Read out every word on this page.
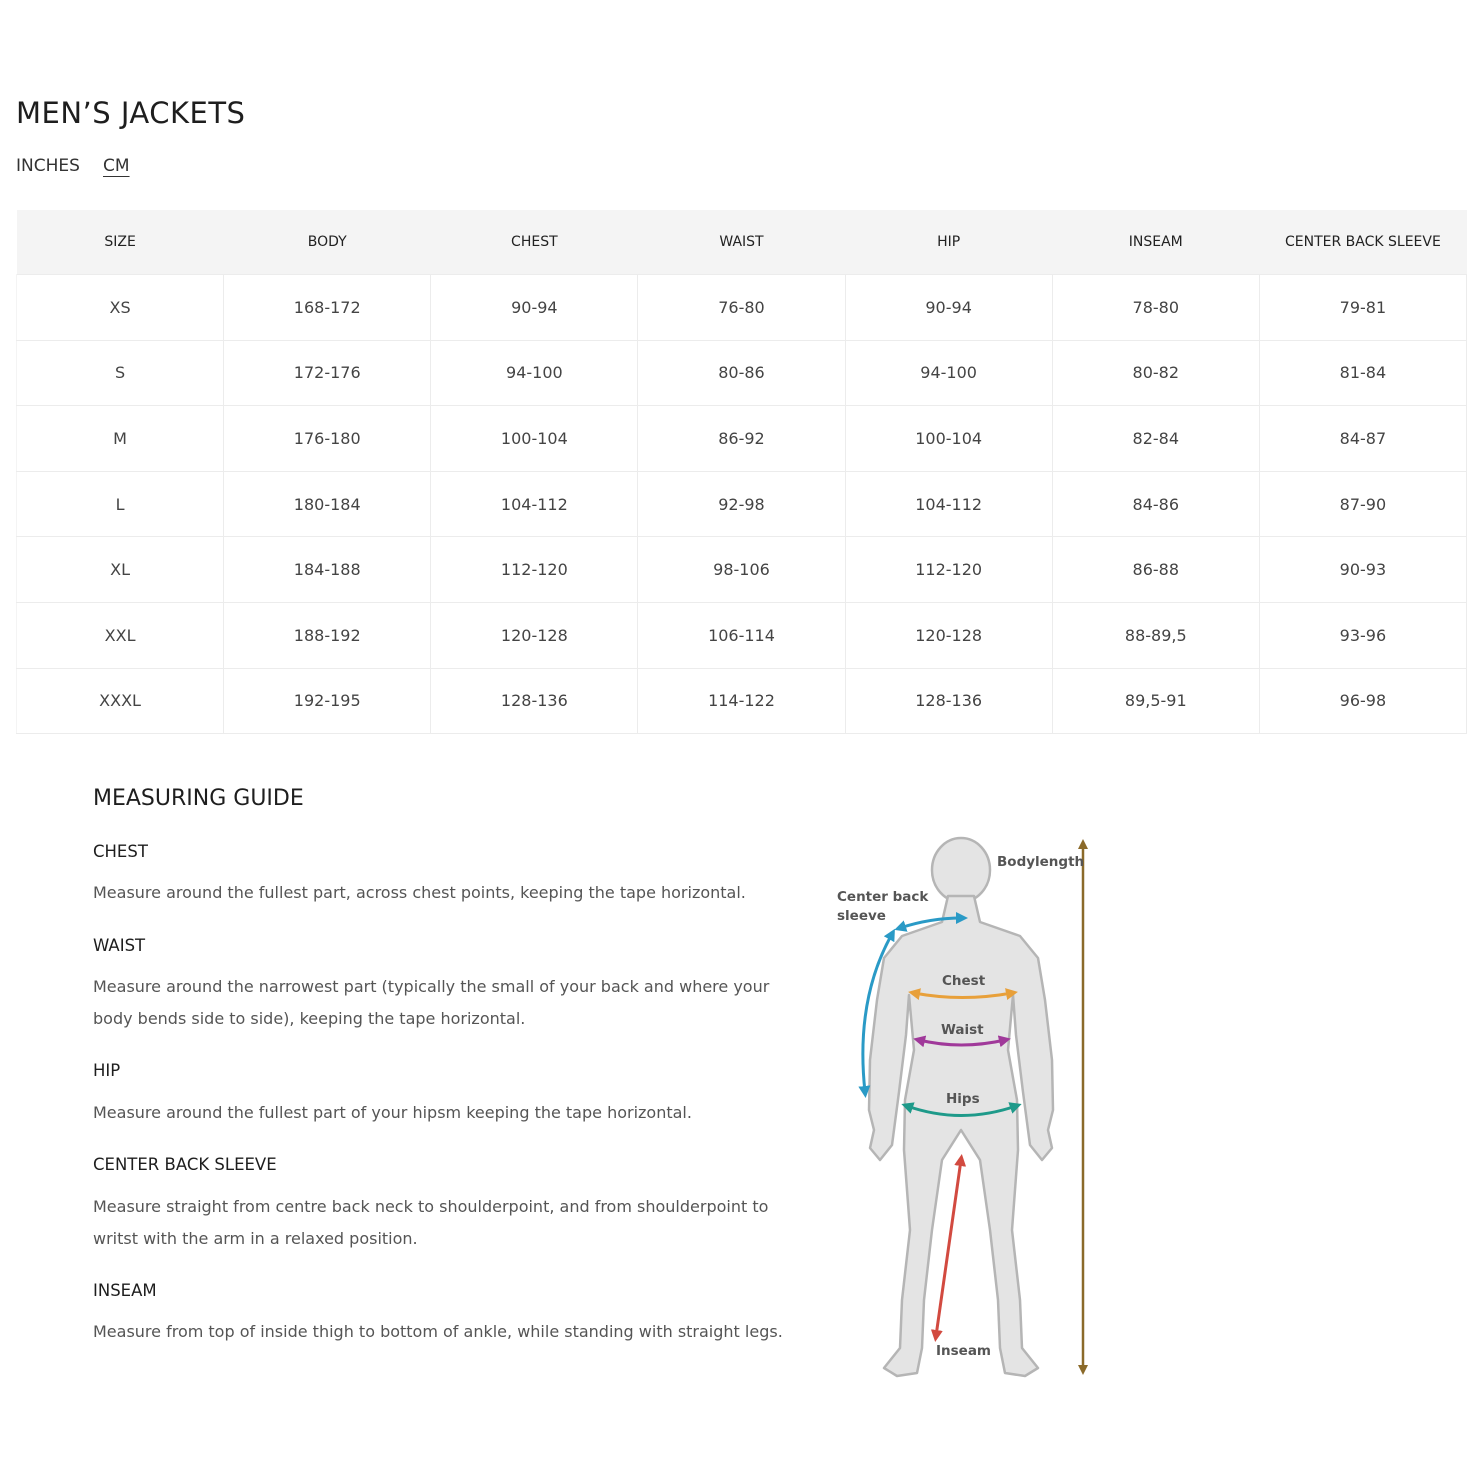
MEN’S JACKETS
INCHES CM
SIZE	BODY	CHEST	WAIST	HIP	INSEAM	CENTER BACK SLEEVE
XS	168-172	90-94	76-80	90-94	78-80	79-81
S	172-176	94-100	80-86	94-100	80-82	81-84
M	176-180	100-104	86-92	100-104	82-84	84-87
L	180-184	104-112	92-98	104-112	84-86	87-90
XL	184-188	112-120	98-106	112-120	86-88	90-93
XXL	188-192	120-128	106-114	120-128	88-89,5	93-96
XXXL	192-195	128-136	114-122	128-136	89,5-91	96-98
MEASURING GUIDE
CHEST

Measure around the fullest part, across chest points, keeping the tape horizontal.

WAIST

Measure around the narrowest part (typically the small of your back and where your body bends side to side), keeping the tape horizontal.

HIP

Measure around the fullest part of your hipsm keeping the tape horizontal.

CENTER BACK SLEEVE

Measure straight from centre back neck to shoulderpoint, and from shoulderpoint to writst with the arm in a relaxed position.

INSEAM

Measure from top of inside thigh to bottom of ankle, while standing with straight legs.

Bodylength
Center back
sleeve
Chest
Waist
Hips
Inseam
